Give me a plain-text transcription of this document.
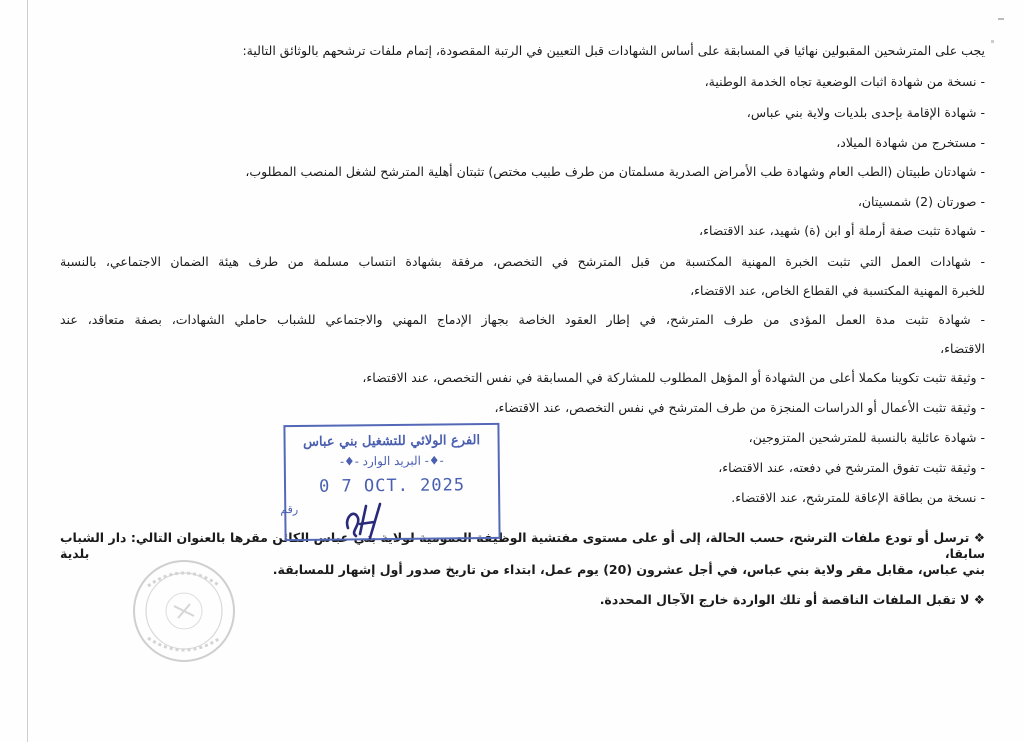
يجب على المترشحين المقبولين نهائيا في المسابقة على أساس الشهادات قبل التعيين في الرتبة المقصودة، إتمام ملفات ترشحهم بالوثائق التالية:
- نسخة من شهادة اثبات الوضعية تجاه الخدمة الوطنية،
- شهادة الإقامة بإحدى بلديات ولاية بني عباس،
- مستخرج من شهادة الميلاد،
- شهادتان طبيتان (الطب العام وشهادة طب الأمراض الصدرية مسلمتان من طرف طبيب مختص) تثبتان أهلية المترشح لشغل المنصب المطلوب،
- صورتان (2) شمسيتان،
- شهادة تثبت صفة أرملة أو ابن (ة) شهيد، عند الاقتضاء،
- شهادات العمل التي تثبت الخبرة المهنية المكتسبة من قبل المترشح في التخصص، مرفقة بشهادة انتساب مسلمة من طرف هيئة الضمان الاجتماعي، بالنسبة
للخبرة المهنية المكتسبة في القطاع الخاص، عند الاقتضاء،
- شهادة تثبت مدة العمل المؤدى من طرف المترشح، في إطار العقود الخاصة بجهاز الإدماج المهني والاجتماعي للشباب حاملي الشهادات، بصفة متعاقد، عند
الاقتضاء،
- وثيقة تثبت تكوينا مكملا أعلى من الشهادة أو المؤهل المطلوب للمشاركة في المسابقة في نفس التخصص، عند الاقتضاء،
- وثيقة تثبت الأعمال أو الدراسات المنجزة من طرف المترشح في نفس التخصص، عند الاقتضاء،
- شهادة عائلية بالنسبة للمترشحين المتزوجين،
- وثيقة تثبت تفوق المترشح في دفعته، عند الاقتضاء،
- نسخة من بطاقة الإعاقة للمترشح، عند الاقتضاء.
❖ ترسل أو تودع ملفات الترشح، حسب الحالة، إلى أو على مستوى مفتشية الوظيفة العمومية لولاية بني عباس الكائن مقرها بالعنوان التالي: دار الشباب سابقا، بلدية
بني عباس، مقابل مقر ولاية بني عباس، في أجل عشرون (20) يوم عمل، ابتداء من تاريخ صدور أول إشهار للمسابقة.
❖ لا تقبل الملفات الناقصة أو تلك الواردة خارج الآجال المحددة.
الفرع الولائي للتشغيل بني عباس
-♦- البريد الوارد -♦-
0 7 OCT. 2025
رقم
